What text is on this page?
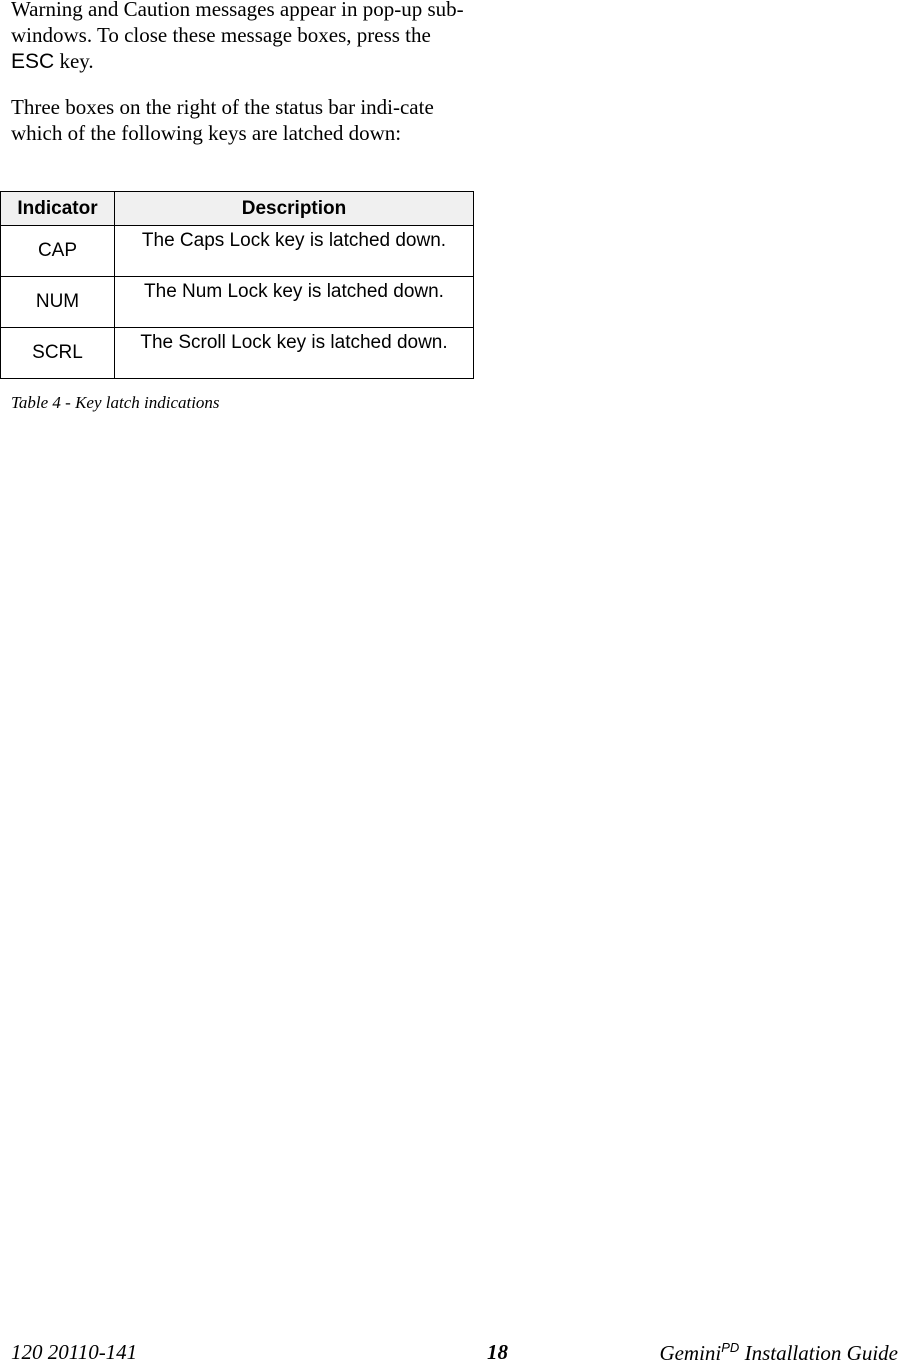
Warning and Caution messages appear in pop-up sub-windows. To close these message boxes, press the ESC key.

Three boxes on the right of the status bar indi-cate which of the following keys are latched down:

Indicator	Description
CAP	The Caps Lock key is latched down.
NUM	The Num Lock key is latched down.
SCRL	The Scroll Lock key is latched down.

Table 4 - Key latch indications

120 20110-141	18	Gemini$^{PD}$ Installation Guide
